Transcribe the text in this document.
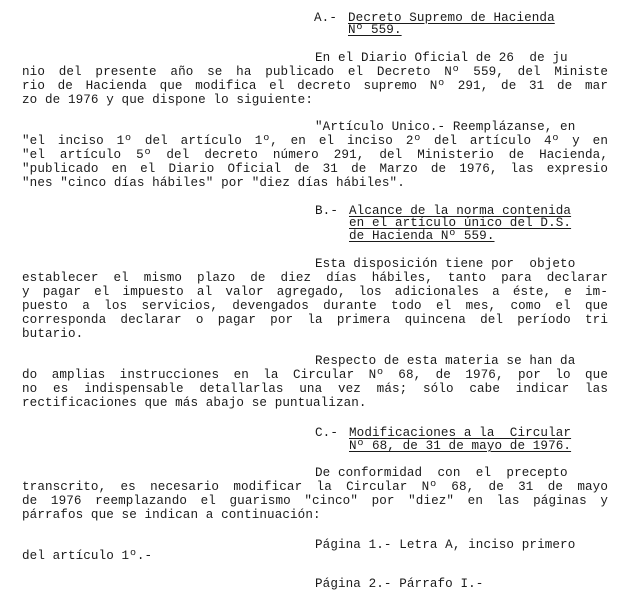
A.- Decreto Supremo de Hacienda
Nº 559.
En el Diario Oficial de 26  de ju
nio del presente año se ha publicado el Decreto Nº 559, del Ministe
rio de Hacienda que modifica el decreto supremo Nº 291, de 31 de mar
zo de 1976 y que dispone lo siguiente:
"Artículo Unico.- Reemplázanse, en
"el inciso 1º del artículo 1º, en el inciso 2º del artículo 4º y en
"el artículo 5º del decreto número 291, del Ministerio de Hacienda,
"publicado en el Diario Oficial de 31 de Marzo de 1976, las expresio
"nes "cinco días hábiles" por "diez días hábiles".
B.- Alcance de la norma contenida
en el artículo único del D.S.
de Hacienda Nº 559.
Esta disposición tiene por  objeto
establecer el mismo plazo de diez días hábiles, tanto para declarar
y pagar el impuesto al valor agregado, los adicionales a éste, e im-
puesto a los servicios, devengados durante todo el mes, como el que
corresponda declarar o pagar por la primera quincena del período tri
butario.
Respecto de esta materia se han da
do amplias instrucciones en la Circular Nº 68, de 1976, por lo que
no es indispensable detallarlas una vez más; sólo cabe indicar las
rectificaciones que más abajo se puntualizan.
C.- Modificaciones a la  Circular
Nº 68, de 31 de mayo de 1976.
De conformidad  con  el  precepto
transcrito, es necesario modificar la Circular Nº 68, de 31 de mayo
de 1976 reemplazando el guarismo "cinco" por "diez" en las páginas y
párrafos que se indican a continuación:
Página 1.- Letra A, inciso primero
del artículo 1º.-
Página 2.- Párrafo I.-
